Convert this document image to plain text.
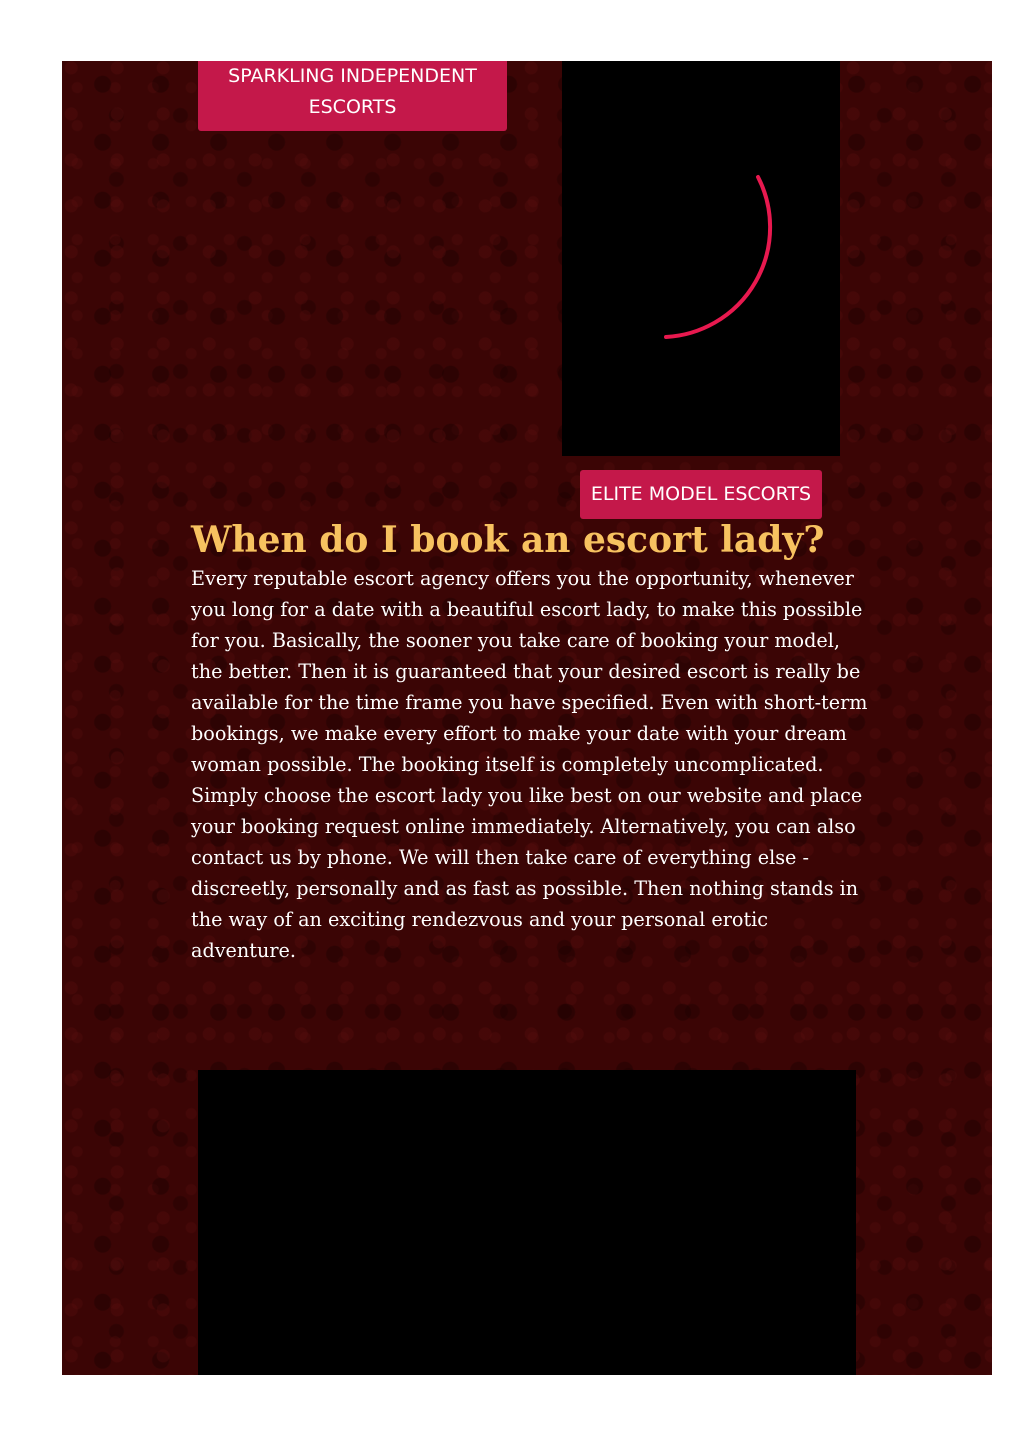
SPARKLING INDEPENDENT ESCORTS
ELITE MODEL ESCORTS
When do I book an escort lady?

Every reputable escort agency offers you the opportunity, whenever you long for a date with a beautiful escort lady, to make this possible for you. Basically, the sooner you take care of booking your model, the better. Then it is guaranteed that your desired escort is really be available for the time frame you have specified. Even with short-term bookings, we make every effort to make your date with your dream woman possible. The booking itself is completely uncomplicated. Simply choose the escort lady you like best on our website and place your booking request online immediately. Alternatively, you can also contact us by phone. We will then take care of everything else - discreetly, personally and as fast as possible. Then nothing stands in the way of an exciting rendezvous and your personal erotic adventure.
